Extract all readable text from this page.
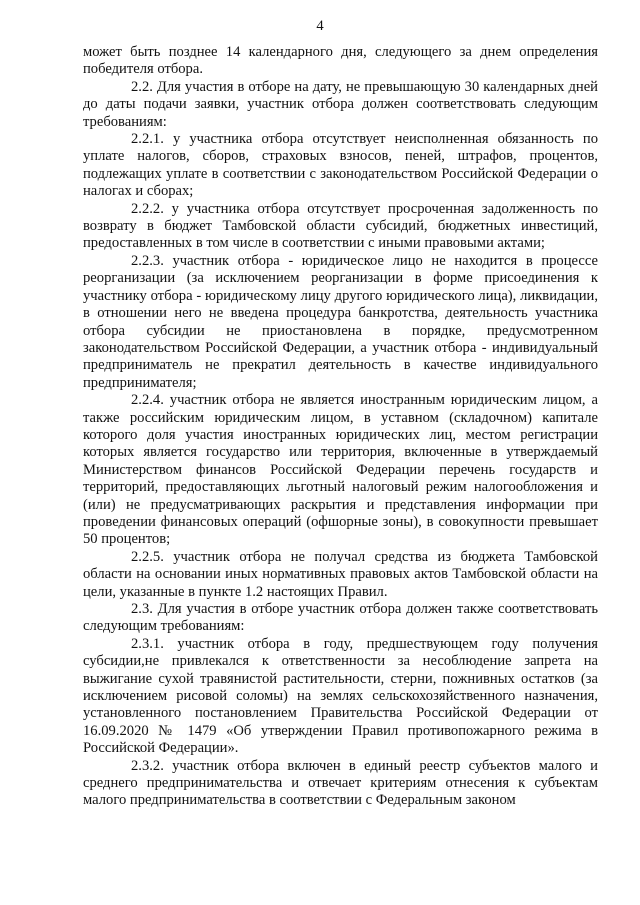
4

может быть позднее 14 календарного дня, следующего за днем определения победителя отбора.

2.2. Для участия в отборе на дату, не превышающую 30 календарных дней до даты подачи заявки, участник отбора должен соответствовать следующим требованиям:

2.2.1. у участника отбора отсутствует неисполненная обязанность по уплате налогов, сборов, страховых взносов, пеней, штрафов, процентов, подлежащих уплате в соответствии с законодательством Российской Федерации о налогах и сборах;

2.2.2. у участника отбора отсутствует просроченная задолженность по возврату в бюджет Тамбовской области субсидий, бюджетных инвестиций, предоставленных в том числе в соответствии с иными правовыми актами;

2.2.3. участник отбора - юридическое лицо не находится в процессе реорганизации (за исключением реорганизации в форме присоединения к участнику отбора - юридическому лицу другого юридического лица), ликвидации, в отношении него не введена процедура банкротства, деятельность участника отбора субсидии не приостановлена в порядке, предусмотренном законодательством Российской Федерации, а участник отбора - индивидуальный предприниматель не прекратил деятельность в качестве индивидуального предпринимателя;

2.2.4. участник отбора не является иностранным юридическим лицом, а также российским юридическим лицом, в уставном (складочном) капитале которого доля участия иностранных юридических лиц, местом регистрации которых является государство или территория, включенные в утверждаемый Министерством финансов Российской Федерации перечень государств и территорий, предоставляющих льготный налоговый режим налогообложения и (или) не предусматривающих раскрытия и представления информации при проведении финансовых операций (офшорные зоны), в совокупности превышает 50 процентов;

2.2.5. участник отбора не получал средства из бюджета Тамбовской области на основании иных нормативных правовых актов Тамбовской области на цели, указанные в пункте 1.2 настоящих Правил.

2.3. Для участия в отборе участник отбора должен также соответствовать следующим требованиям:

2.3.1. участник отбора в году, предшествующем году получения субсидии,не привлекался к ответственности за несоблюдение запрета на выжигание сухой травянистой растительности, стерни, пожнивных остатков (за исключением рисовой соломы) на землях сельскохозяйственного назначения, установленного постановлением Правительства Российской Федерации от 16.09.2020 № 1479 «Об утверждении Правил противопожарного режима в Российской Федерации».

2.3.2. участник отбора включен в единый реестр субъектов малого и среднего предпринимательства и отвечает критериям отнесения к субъектам малого предпринимательства в соответствии с Федеральным законом
